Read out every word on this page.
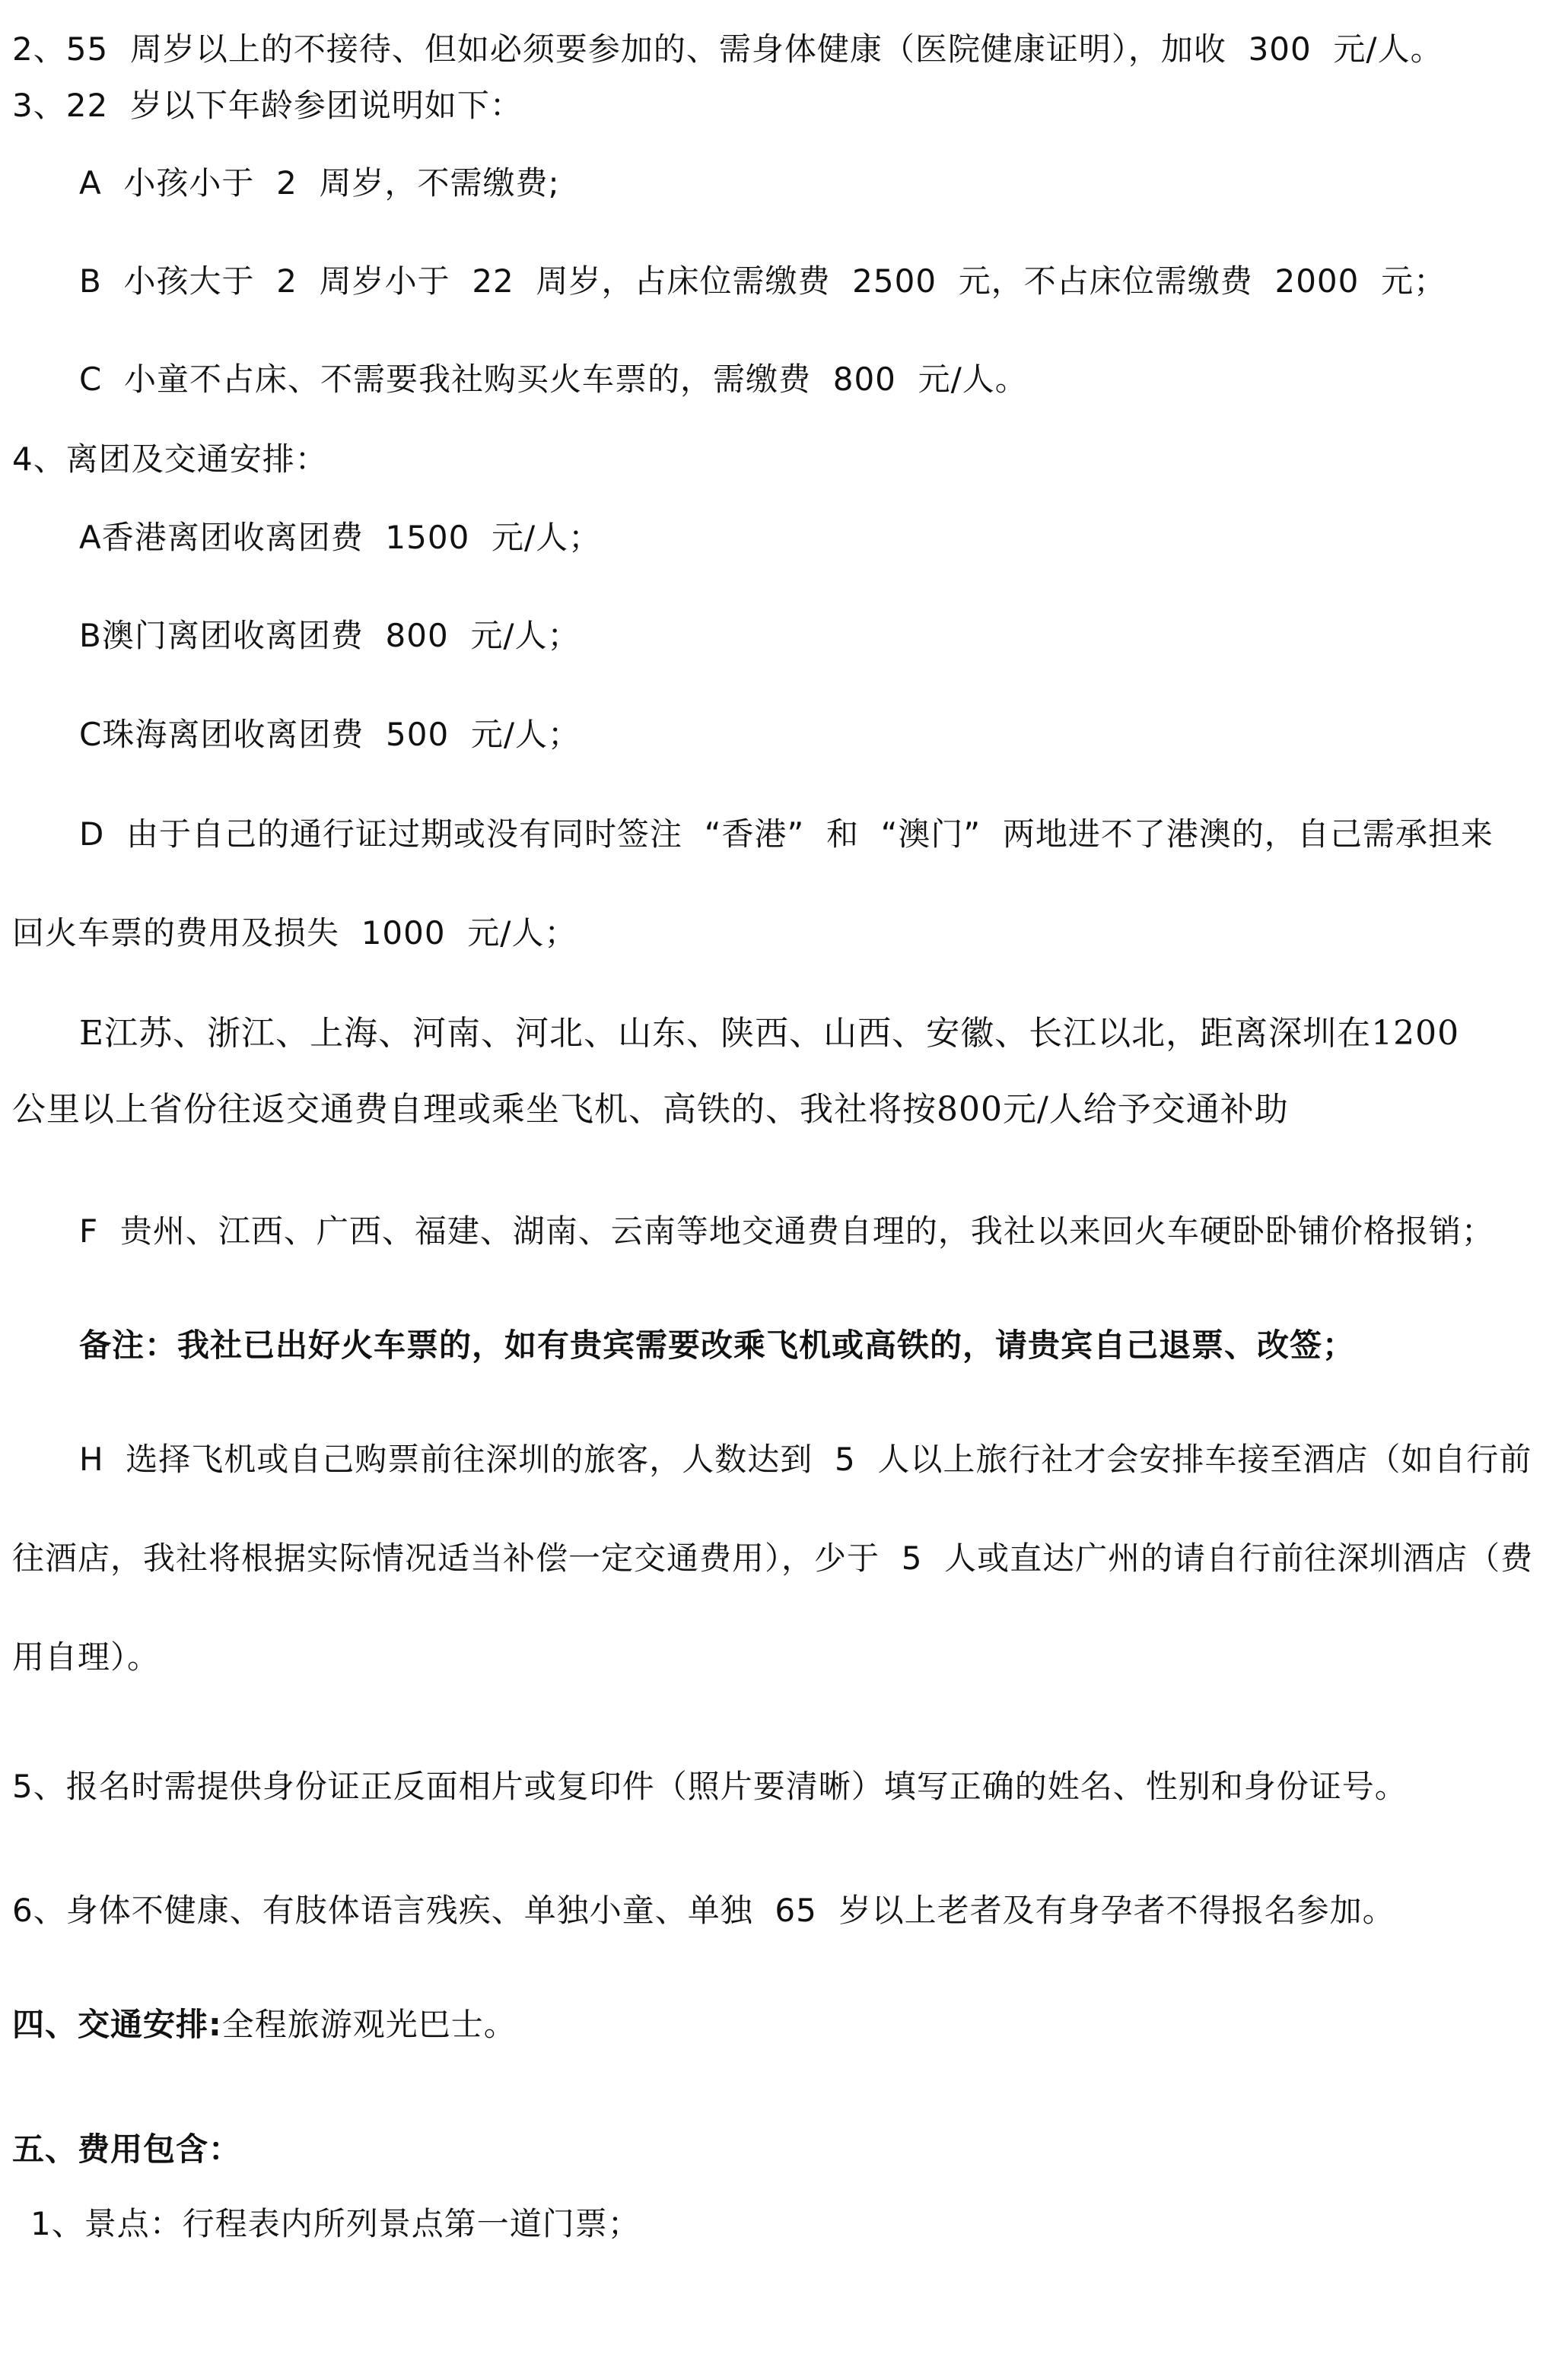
2、55  周岁以上的不接待、但如必须要参加的、需身体健康（医院健康证明），加收  300  元/人。
3、22  岁以下年龄参团说明如下：
A  小孩小于  2  周岁，不需缴费;
B  小孩大于  2  周岁小于  22  周岁，占床位需缴费  2500  元，不占床位需缴费  2000  元；
C  小童不占床、不需要我社购买火车票的，需缴费  800  元/人。
4、离团及交通安排：
A香港离团收离团费  1500  元/人；
B澳门离团收离团费  800  元/人；
C珠海离团收离团费  500  元/人；
D  由于自己的通行证过期或没有同时签注  “香港”  和  “澳门”  两地进不了港澳的，自己需承担来
回火车票的费用及损失  1000  元/人；
E江苏、浙江、上海、河南、河北、山东、陕西、山西、安徽、长江以北，距离深圳在1200
公里以上省份往返交通费自理或乘坐飞机、高铁的、我社将按800元/人给予交通补助
F  贵州、江西、广西、福建、湖南、云南等地交通费自理的，我社以来回火车硬卧卧铺价格报销；
备注：我社已出好火车票的，如有贵宾需要改乘飞机或高铁的，请贵宾自己退票、改签；
H  选择飞机或自己购票前往深圳的旅客，人数达到  5  人以上旅行社才会安排车接至酒店（如自行前
往酒店，我社将根据实际情况适当补偿一定交通费用），少于  5  人或直达广州的请自行前往深圳酒店（费
用自理）。
5、报名时需提供身份证正反面相片或复印件（照片要清晰）填写正确的姓名、性别和身份证号。
6、身体不健康、有肢体语言残疾、单独小童、单独  65  岁以上老者及有身孕者不得报名参加。
四、交通安排:全程旅游观光巴士。
五、费用包含：
1、景点：行程表内所列景点第一道门票；
